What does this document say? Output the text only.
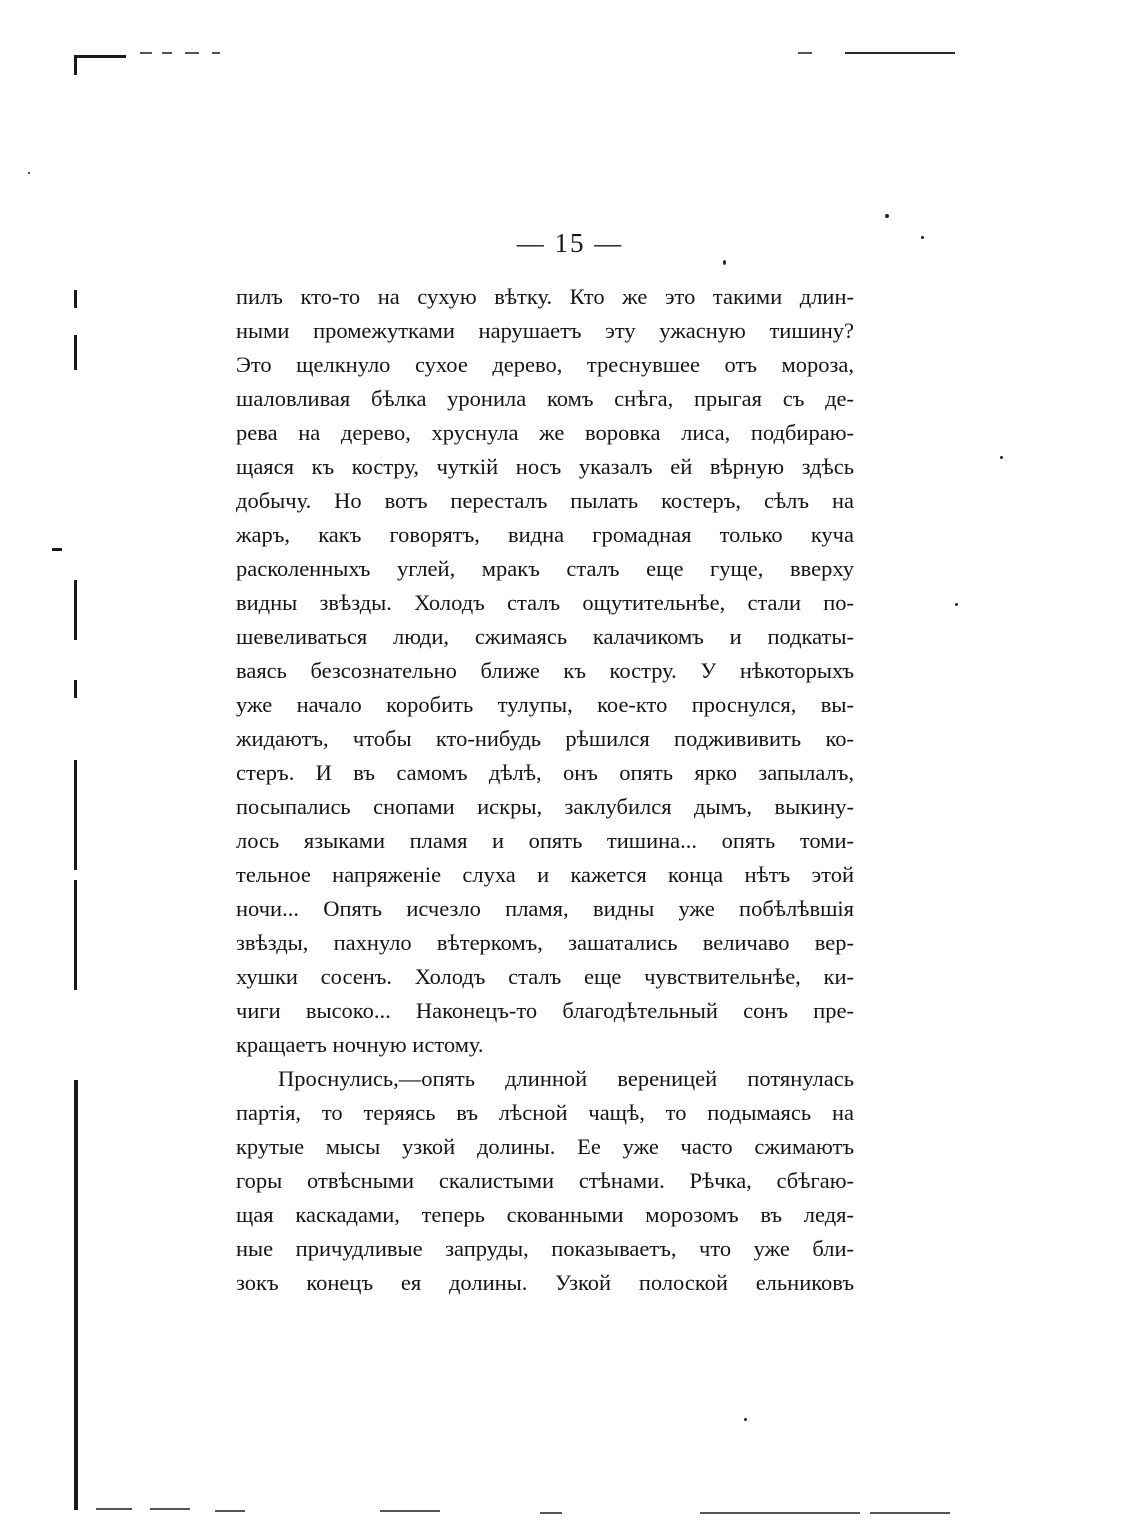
— 15 —
пилъ кто-то на сухую вѣтку. Кто же это такими длин-
ными промежутками нарушаетъ эту ужасную тишину?
Это щелкнуло сухое дерево, треснувшее отъ мороза,
шаловливая бѣлка уронила комъ снѣга, прыгая съ де-
рева на дерево, хруснула же воровка лиса, подбираю-
щаяся къ костру, чуткій носъ указалъ ей вѣрную здѣсь
добычу. Но вотъ пересталъ пылать костеръ, сѣлъ на
жаръ, какъ говорятъ, видна громадная только куча
расколенныхъ углей, мракъ сталъ еще гуще, вверху
видны звѣзды. Холодъ сталъ ощутительнѣе, стали по-
шевеливаться люди, сжимаясь калачикомъ и подкаты-
ваясь безсознательно ближе къ костру. У нѣкоторыхъ
уже начало коробить тулупы, кое-кто проснулся, вы-
жидаютъ, чтобы кто-нибудь рѣшился поджививить ко-
стеръ. И въ самомъ дѣлѣ, онъ опять ярко запылалъ,
посыпались снопами искры, заклубился дымъ, выкину-
лось языками пламя и опять тишина... опять томи-
тельное напряженіе слуха и кажется конца нѣтъ этой
ночи... Опять исчезло пламя, видны уже побѣлѣвшія
звѣзды, пахнуло вѣтеркомъ, зашатались величаво вер-
хушки сосенъ. Холодъ сталъ еще чувствительнѣе, ки-
чиги высоко... Наконецъ-то благодѣтельный сонъ пре-
кращаетъ ночную истому.
Проснулись,—опять длинной вереницей потянулась
партія, то теряясь въ лѣсной чащѣ, то подымаясь на
крутые мысы узкой долины. Ее уже часто сжимаютъ
горы отвѣсными скалистыми стѣнами. Рѣчка, сбѣгаю-
щая каскадами, теперь скованными морозомъ въ ледя-
ные причудливые запруды, показываетъ, что уже бли-
зокъ конецъ ея долины. Узкой полоской ельниковъ
